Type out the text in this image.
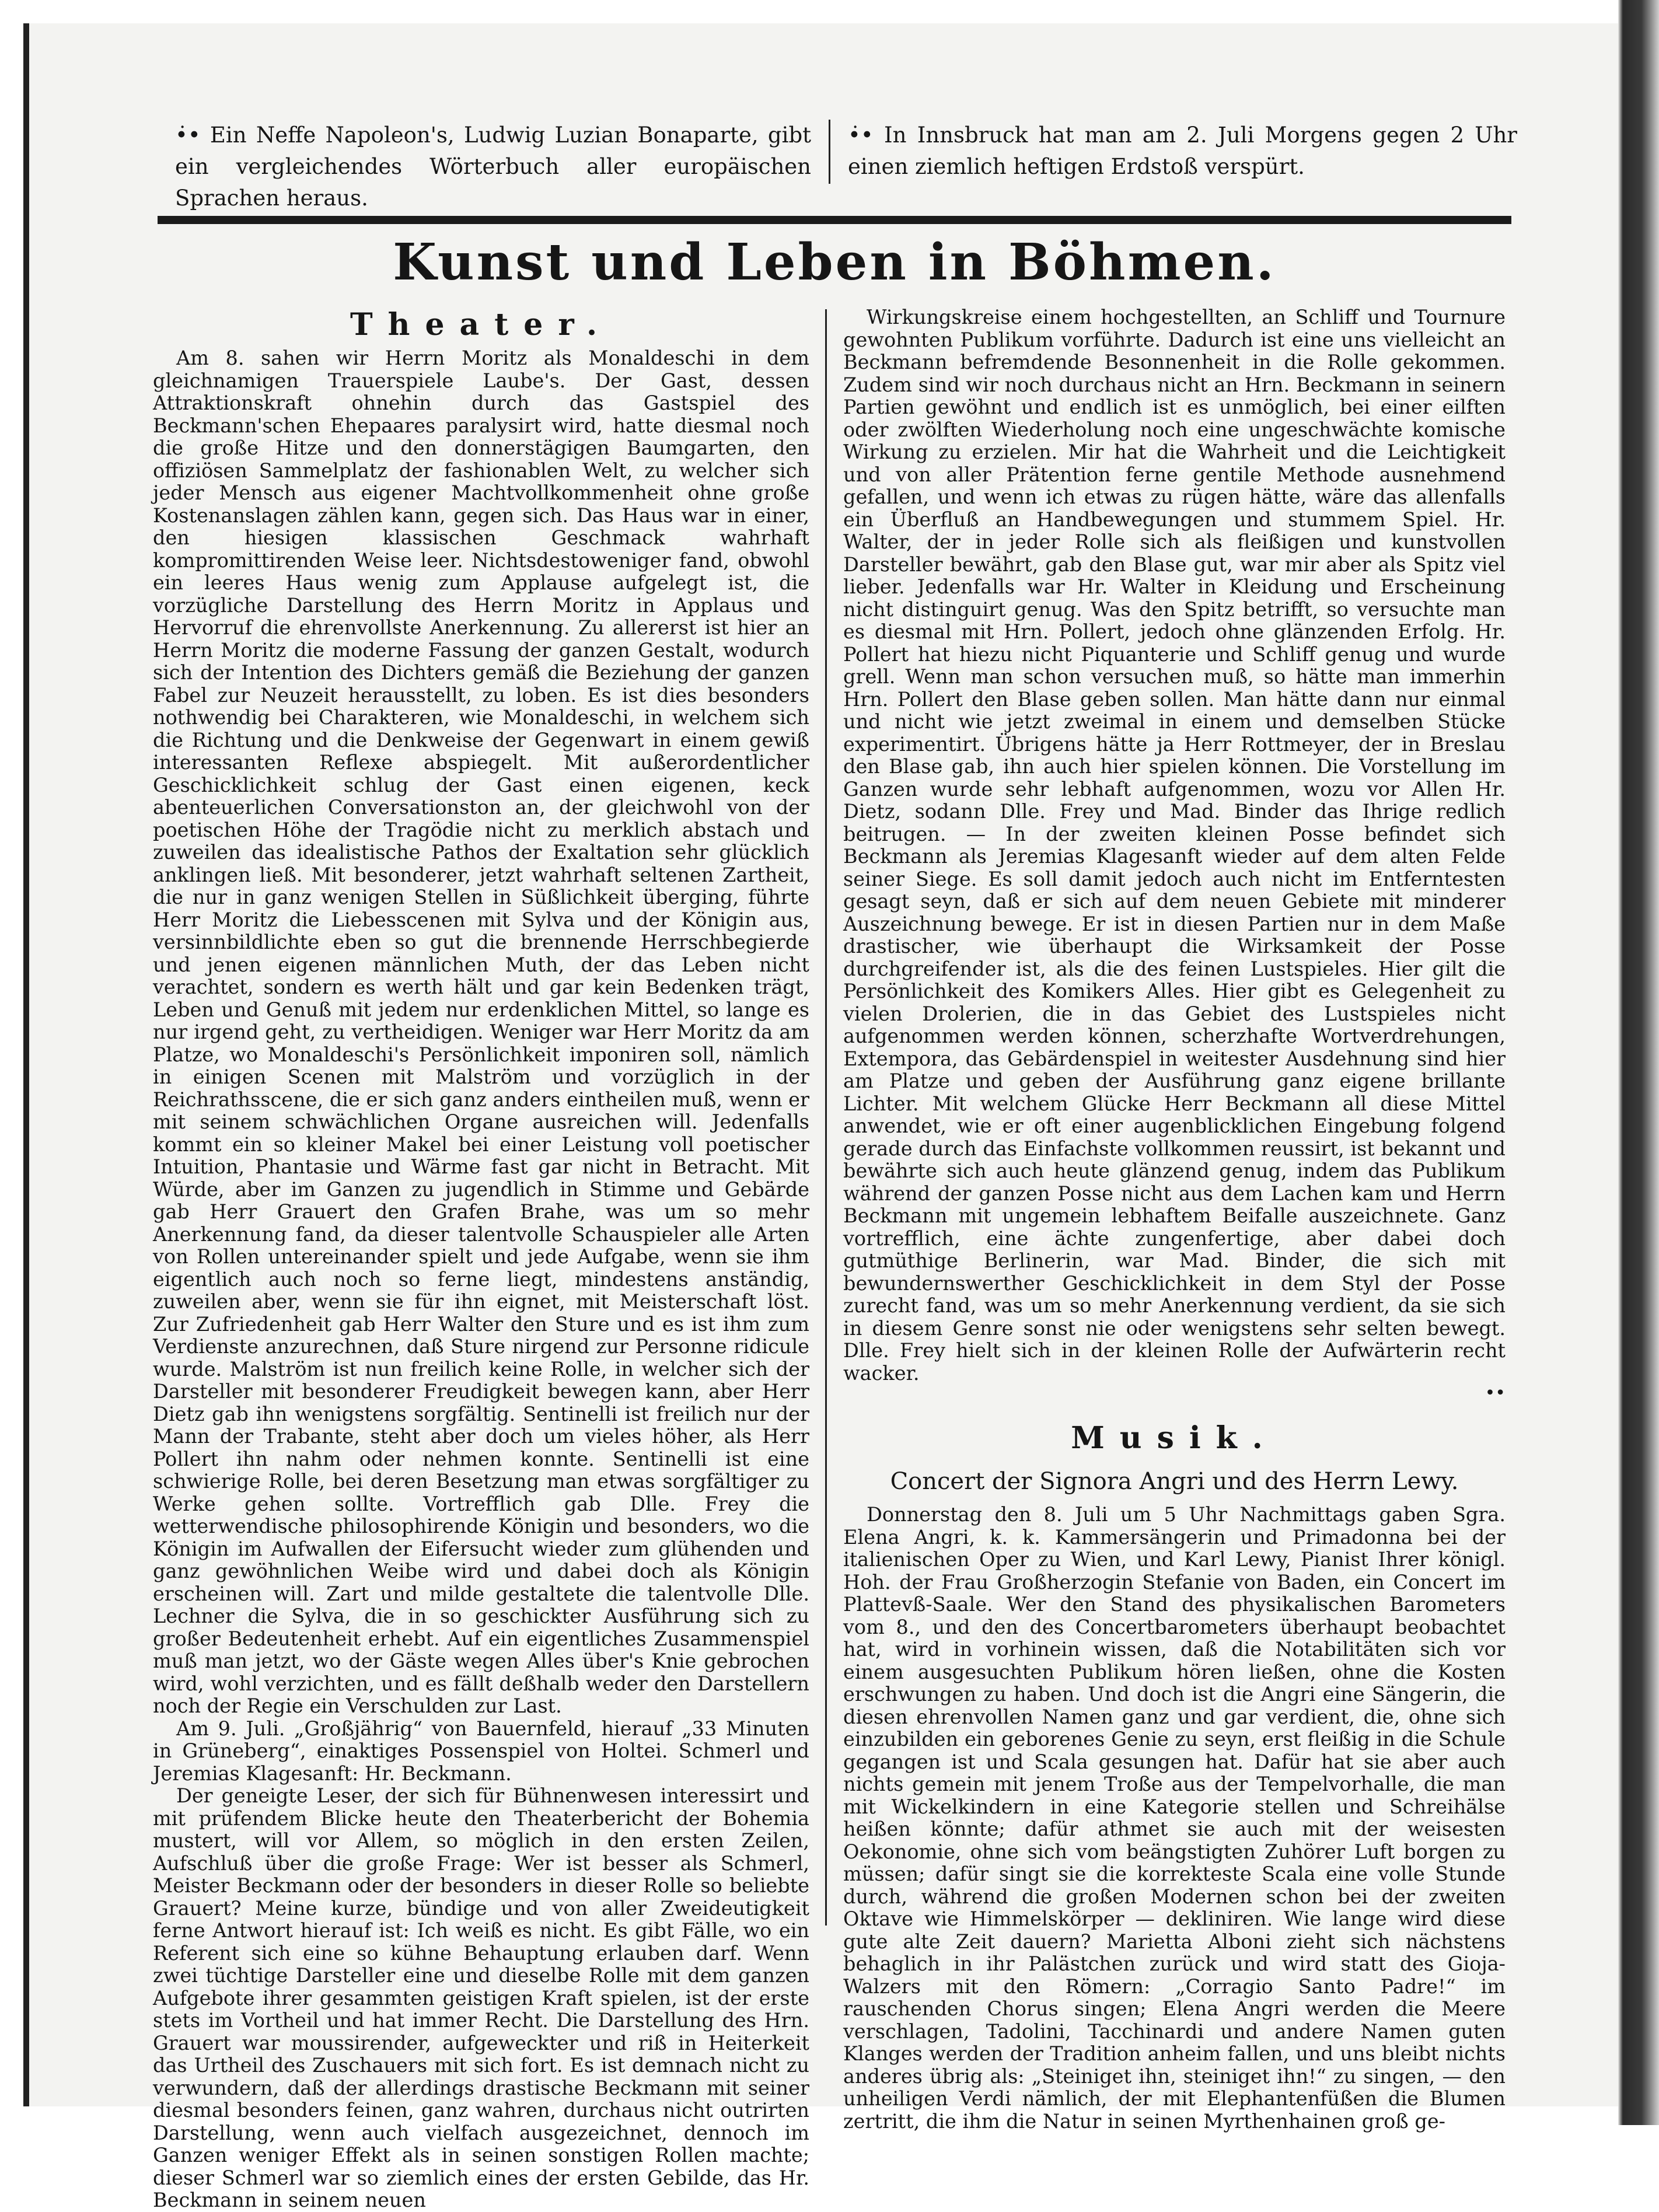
•̇• Ein Neffe Napoleon's, Ludwig Luzian Bonaparte, gibt ein vergleichendes Wörterbuch aller europäischen Sprachen heraus.
•̇• In Innsbruck hat man am 2. Juli Morgens gegen 2 Uhr einen ziemlich heftigen Erdstoß verspürt.
Kunst und Leben in Böhmen.
Theater.

Am 8. sahen wir Herrn Moritz als Monaldeschi in dem gleichnamigen Trauerspiele Laube's. Der Gast, dessen Attraktionskraft ohnehin durch das Gastspiel des Beckmann'schen Ehepaares paralysirt wird, hatte diesmal noch die große Hitze und den donnerstägigen Baumgarten, den offiziösen Sammelplatz der fashionablen Welt, zu welcher sich jeder Mensch aus eigener Machtvollkommenheit ohne große Kostenanslagen zählen kann, gegen sich. Das Haus war in einer, den hiesigen klassischen Geschmack wahrhaft kompromittirenden Weise leer. Nichtsdestoweniger fand, obwohl ein leeres Haus wenig zum Applause aufgelegt ist, die vorzügliche Darstellung des Herrn Moritz in Applaus und Hervorruf die ehrenvollste Anerkennung. Zu allererst ist hier an Herrn Moritz die moderne Fassung der ganzen Gestalt, wodurch sich der Intention des Dichters gemäß die Beziehung der ganzen Fabel zur Neuzeit herausstellt, zu loben. Es ist dies besonders nothwendig bei Charakteren, wie Monaldeschi, in welchem sich die Richtung und die Denkweise der Gegenwart in einem gewiß interessanten Reflexe abspiegelt. Mit außerordentlicher Geschicklichkeit schlug der Gast einen eigenen, keck abenteuerlichen Conversationston an, der gleichwohl von der poetischen Höhe der Tragödie nicht zu merklich abstach und zuweilen das idealistische Pathos der Exaltation sehr glücklich anklingen ließ. Mit besonderer, jetzt wahrhaft seltenen Zartheit, die nur in ganz wenigen Stellen in Süßlichkeit überging, führte Herr Moritz die Liebesscenen mit Sylva und der Königin aus, versinnbildlichte eben so gut die brennende Herrschbegierde und jenen eigenen männlichen Muth, der das Leben nicht verachtet, sondern es werth hält und gar kein Bedenken trägt, Leben und Genuß mit jedem nur erdenklichen Mittel, so lange es nur irgend geht, zu vertheidigen. Weniger war Herr Moritz da am Platze, wo Monaldeschi's Persönlichkeit imponiren soll, nämlich in einigen Scenen mit Malström und vorzüglich in der Reichrathsscene, die er sich ganz anders eintheilen muß, wenn er mit seinem schwächlichen Organe ausreichen will. Jedenfalls kommt ein so kleiner Makel bei einer Leistung voll poetischer Intuition, Phantasie und Wärme fast gar nicht in Betracht. Mit Würde, aber im Ganzen zu jugendlich in Stimme und Gebärde gab Herr Grauert den Grafen Brahe, was um so mehr Anerkennung fand, da dieser talentvolle Schauspieler alle Arten von Rollen untereinander spielt und jede Aufgabe, wenn sie ihm eigentlich auch noch so ferne liegt, mindestens anständig, zuweilen aber, wenn sie für ihn eignet, mit Meisterschaft löst. Zur Zufriedenheit gab Herr Walter den Sture und es ist ihm zum Verdienste anzurechnen, daß Sture nirgend zur Personne ridicule wurde. Malström ist nun freilich keine Rolle, in welcher sich der Darsteller mit besonderer Freudigkeit bewegen kann, aber Herr Dietz gab ihn wenigstens sorgfältig. Sentinelli ist freilich nur der Mann der Trabante, steht aber doch um vieles höher, als Herr Pollert ihn nahm oder nehmen konnte. Sentinelli ist eine schwierige Rolle, bei deren Besetzung man etwas sorgfältiger zu Werke gehen sollte. Vortrefflich gab Dlle. Frey die wetterwendische philosophirende Königin und besonders, wo die Königin im Aufwallen der Eifersucht wieder zum glühenden und ganz gewöhnlichen Weibe wird und dabei doch als Königin erscheinen will. Zart und milde gestaltete die talentvolle Dlle. Lechner die Sylva, die in so geschickter Ausführung sich zu großer Bedeutenheit erhebt. Auf ein eigentliches Zusammenspiel muß man jetzt, wo der Gäste wegen Alles über's Knie gebrochen wird, wohl verzichten, und es fällt deßhalb weder den Darstellern noch der Regie ein Verschulden zur Last.

Am 9. Juli. „Großjährig“ von Bauernfeld, hierauf „33 Minuten in Grüneberg“, einaktiges Possenspiel von Holtei. Schmerl und Jeremias Klagesanft: Hr. Beckmann.

Der geneigte Leser, der sich für Bühnenwesen interessirt und mit prüfendem Blicke heute den Theaterbericht der Bohemia mustert, will vor Allem, so möglich in den ersten Zeilen, Aufschluß über die große Frage: Wer ist besser als Schmerl, Meister Beckmann oder der besonders in dieser Rolle so beliebte Grauert? Meine kurze, bündige und von aller Zweideutigkeit ferne Antwort hierauf ist: Ich weiß es nicht. Es gibt Fälle, wo ein Referent sich eine so kühne Behauptung erlauben darf. Wenn zwei tüchtige Darsteller eine und dieselbe Rolle mit dem ganzen Aufgebote ihrer gesammten geistigen Kraft spielen, ist der erste stets im Vortheil und hat immer Recht. Die Darstellung des Hrn. Grauert war moussirender, aufgeweckter und riß in Heiterkeit das Urtheil des Zuschauers mit sich fort. Es ist demnach nicht zu verwundern, daß der allerdings drastische Beckmann mit seiner diesmal besonders feinen, ganz wahren, durchaus nicht outrirten Darstellung, wenn auch vielfach ausgezeichnet, dennoch im Ganzen weniger Effekt als in seinen sonstigen Rollen machte; dieser Schmerl war so ziemlich eines der ersten Gebilde, das Hr. Beckmann in seinem neuen

Wirkungskreise einem hochgestellten, an Schliff und Tournure gewohnten Publikum vorführte. Dadurch ist eine uns vielleicht an Beckmann befremdende Besonnenheit in die Rolle gekommen. Zudem sind wir noch durchaus nicht an Hrn. Beckmann in seinern Partien gewöhnt und endlich ist es unmöglich, bei einer eilften oder zwölften Wiederholung noch eine ungeschwächte komische Wirkung zu erzielen. Mir hat die Wahrheit und die Leichtigkeit und von aller Prätention ferne gentile Methode ausnehmend gefallen, und wenn ich etwas zu rügen hätte, wäre das allenfalls ein Überfluß an Handbewegungen und stummem Spiel. Hr. Walter, der in jeder Rolle sich als fleißigen und kunstvollen Darsteller bewährt, gab den Blase gut, war mir aber als Spitz viel lieber. Jedenfalls war Hr. Walter in Kleidung und Erscheinung nicht distinguirt genug. Was den Spitz betrifft, so versuchte man es diesmal mit Hrn. Pollert, jedoch ohne glänzenden Erfolg. Hr. Pollert hat hiezu nicht Piquanterie und Schliff genug und wurde grell. Wenn man schon versuchen muß, so hätte man immerhin Hrn. Pollert den Blase geben sollen. Man hätte dann nur einmal und nicht wie jetzt zweimal in einem und demselben Stücke experimentirt. Übrigens hätte ja Herr Rottmeyer, der in Breslau den Blase gab, ihn auch hier spielen können. Die Vorstellung im Ganzen wurde sehr lebhaft aufgenommen, wozu vor Allen Hr. Dietz, sodann Dlle. Frey und Mad. Binder das Ihrige redlich beitrugen. — In der zweiten kleinen Posse befindet sich Beckmann als Jeremias Klagesanft wieder auf dem alten Felde seiner Siege. Es soll damit jedoch auch nicht im Entferntesten gesagt seyn, daß er sich auf dem neuen Gebiete mit minderer Auszeichnung bewege. Er ist in diesen Partien nur in dem Maße drastischer, wie überhaupt die Wirksamkeit der Posse durchgreifender ist, als die des feinen Lustspieles. Hier gilt die Persönlichkeit des Komikers Alles. Hier gibt es Gelegenheit zu vielen Drolerien, die in das Gebiet des Lustspieles nicht aufgenommen werden können, scherzhafte Wortverdrehungen, Extempora, das Gebärdenspiel in weitester Ausdehnung sind hier am Platze und geben der Ausführung ganz eigene brillante Lichter. Mit welchem Glücke Herr Beckmann all diese Mittel anwendet, wie er oft einer augenblicklichen Eingebung folgend gerade durch das Einfachste vollkommen reussirt, ist bekannt und bewährte sich auch heute glänzend genug, indem das Publikum während der ganzen Posse nicht aus dem Lachen kam und Herrn Beckmann mit ungemein lebhaftem Beifalle auszeichnete. Ganz vortrefflich, eine ächte zungenfertige, aber dabei doch gutmüthige Berlinerin, war Mad. Binder, die sich mit bewundernswerther Geschicklichkeit in dem Styl der Posse zurecht fand, was um so mehr Anerkennung verdient, da sie sich in diesem Genre sonst nie oder wenigstens sehr selten bewegt. Dlle. Frey hielt sich in der kleinen Rolle der Aufwärterin recht wacker.

••
Musik.
Concert der Signora Angri und des Herrn Lewy.

Donnerstag den 8. Juli um 5 Uhr Nachmittags gaben Sgra. Elena Angri, k. k. Kammersängerin und Primadonna bei der italienischen Oper zu Wien, und Karl Lewy, Pianist Ihrer königl. Hoh. der Frau Großherzogin Stefanie von Baden, ein Concert im Plattevß-Saale. Wer den Stand des physikalischen Barometers vom 8., und den des Concertbarometers überhaupt beobachtet hat, wird in vorhinein wissen, daß die Notabilitäten sich vor einem ausgesuchten Publikum hören ließen, ohne die Kosten erschwungen zu haben. Und doch ist die Angri eine Sängerin, die diesen ehrenvollen Namen ganz und gar verdient, die, ohne sich einzubilden ein geborenes Genie zu seyn, erst fleißig in die Schule gegangen ist und Scala gesungen hat. Dafür hat sie aber auch nichts gemein mit jenem Troße aus der Tempelvorhalle, die man mit Wickelkindern in eine Kategorie stellen und Schreihälse heißen könnte; dafür athmet sie auch mit der weisesten Oekonomie, ohne sich vom beängstigten Zuhörer Luft borgen zu müssen; dafür singt sie die korrekteste Scala eine volle Stunde durch, während die großen Modernen schon bei der zweiten Oktave wie Himmelskörper — dekliniren. Wie lange wird diese gute alte Zeit dauern? Marietta Alboni zieht sich nächstens behaglich in ihr Palästchen zurück und wird statt des Gioja-Walzers mit den Römern: „Corragio Santo Padre!“ im rauschenden Chorus singen; Elena Angri werden die Meere verschlagen, Tadolini, Tacchinardi und andere Namen guten Klanges werden der Tradition anheim fallen, und uns bleibt nichts anderes übrig als: „Steiniget ihn, steiniget ihn!“ zu singen, — den unheiligen Verdi nämlich, der mit Elephantenfüßen die Blumen zertritt, die ihm die Natur in seinen Myrthenhainen groß ge-
